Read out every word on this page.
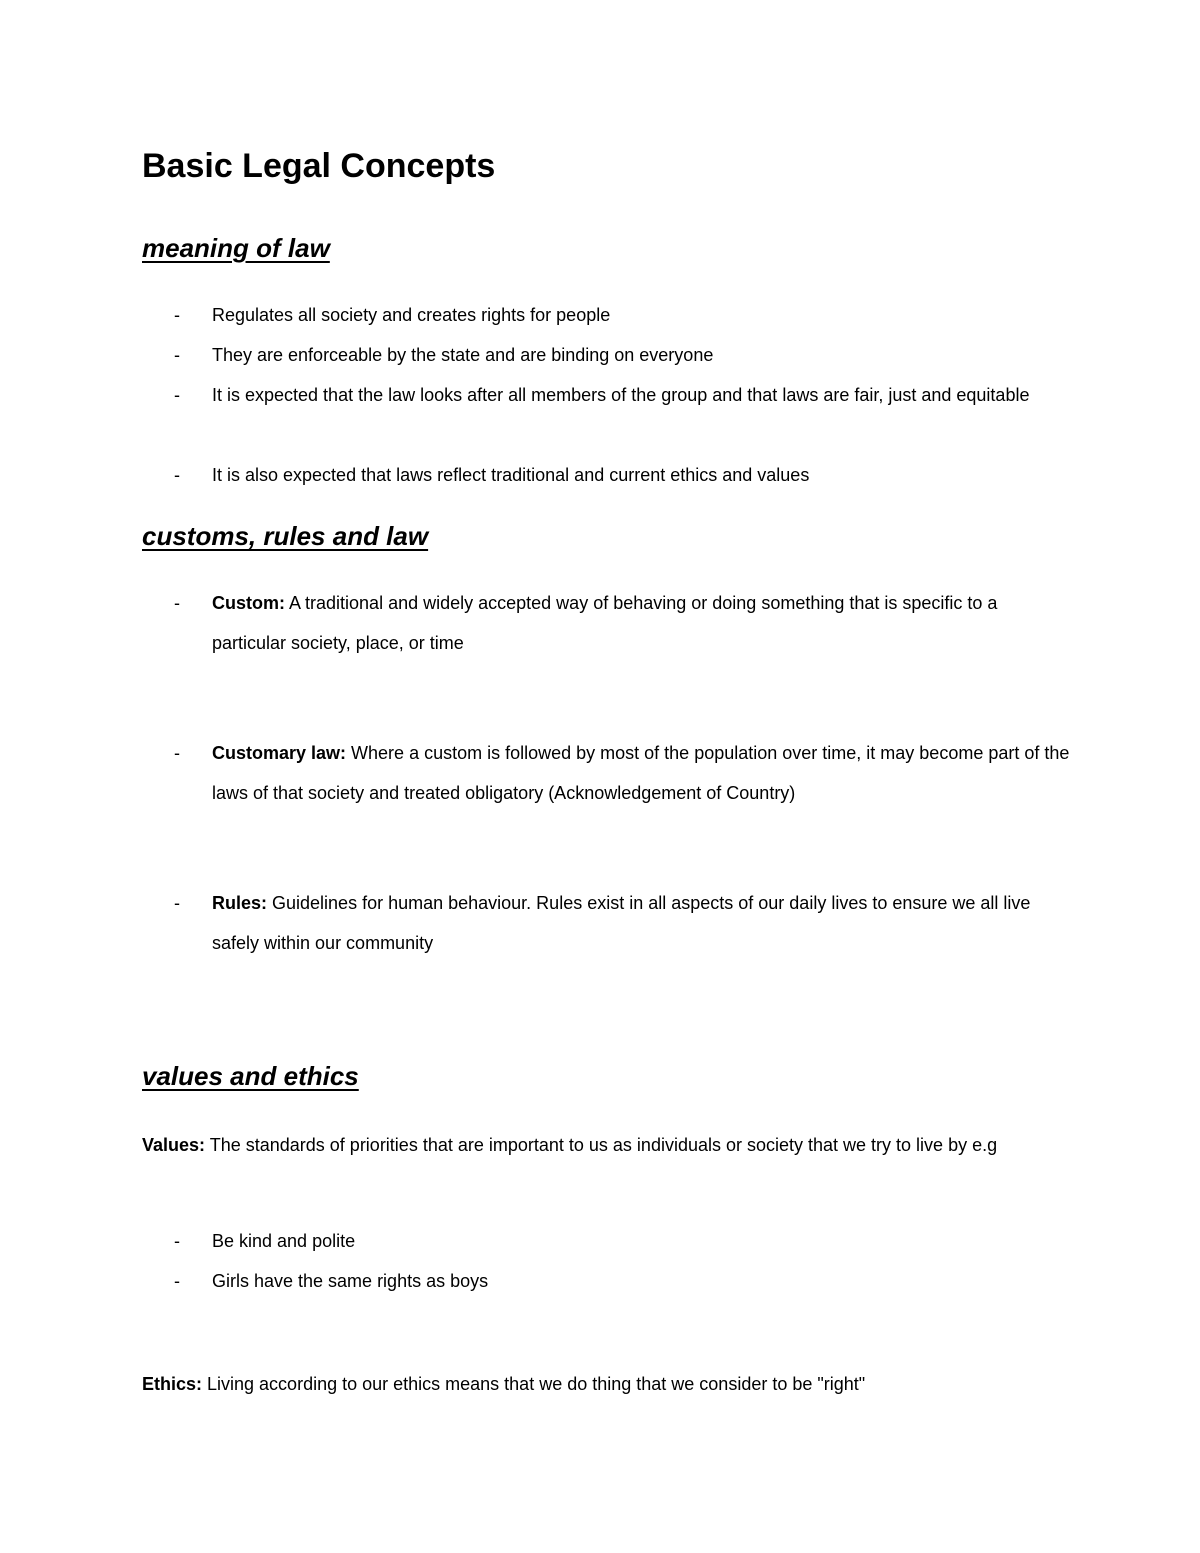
Basic Legal Concepts
meaning of law
- Regulates all society and creates rights for people
- They are enforceable by the state and are binding on everyone
- It is expected that the law looks after all members of the group and that laws are fair, just and equitable
- It is also expected that laws reflect traditional and current ethics and values
customs, rules and law
- Custom: A traditional and widely accepted way of behaving or doing something that is specific to a particular society, place, or time
- Customary law: Where a custom is followed by most of the population over time, it may become part of the laws of that society and treated obligatory (Acknowledgement of Country)
- Rules: Guidelines for human behaviour. Rules exist in all aspects of our daily lives to ensure we all live safely within our community
values and ethics
Values: The standards of priorities that are important to us as individuals or society that we try to live by e.g
- Be kind and polite
- Girls have the same rights as boys
Ethics: Living according to our ethics means that we do thing that we consider to be "right"
